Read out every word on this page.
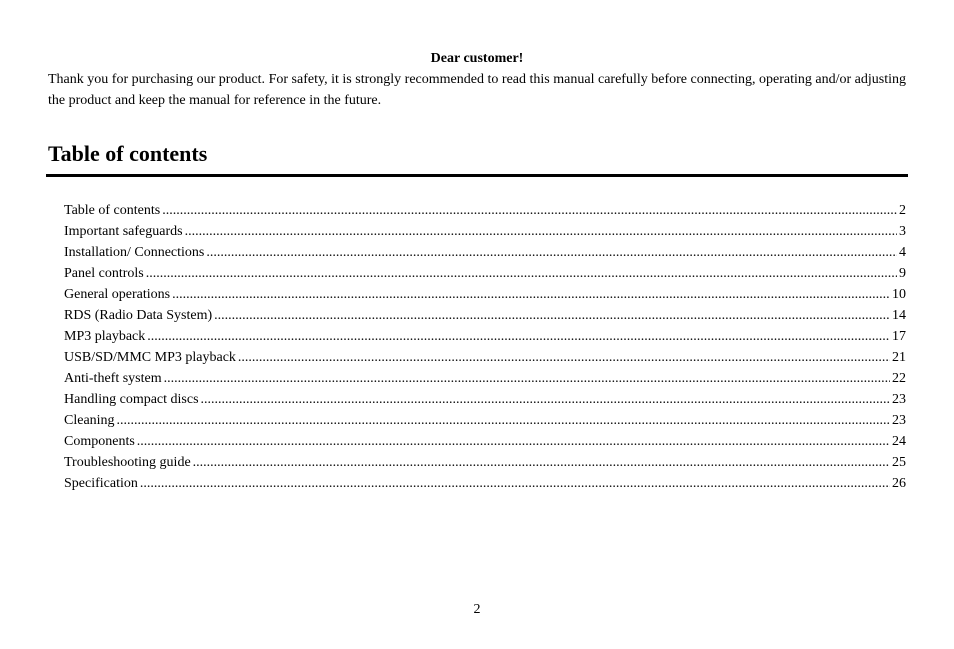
Dear customer!

Thank you for purchasing our product. For safety, it is strongly recommended to read this manual carefully before connecting, operating and/or adjusting the product and keep the manual for reference in the future.

Table of contents
Table of contents .....	2
Important safeguards .....	3
Installation/ Connections .....	4
Panel controls .....	9
General operations .....	10
RDS (Radio Data System) .....	14
MP3 playback .....	17
USB/SD/MMC MP3 playback .....	21
Anti-theft system .....	22
Handling compact discs .....	23
Cleaning .....	23
Components .....	24
Troubleshooting guide .....	25
Specification .....	26
2
